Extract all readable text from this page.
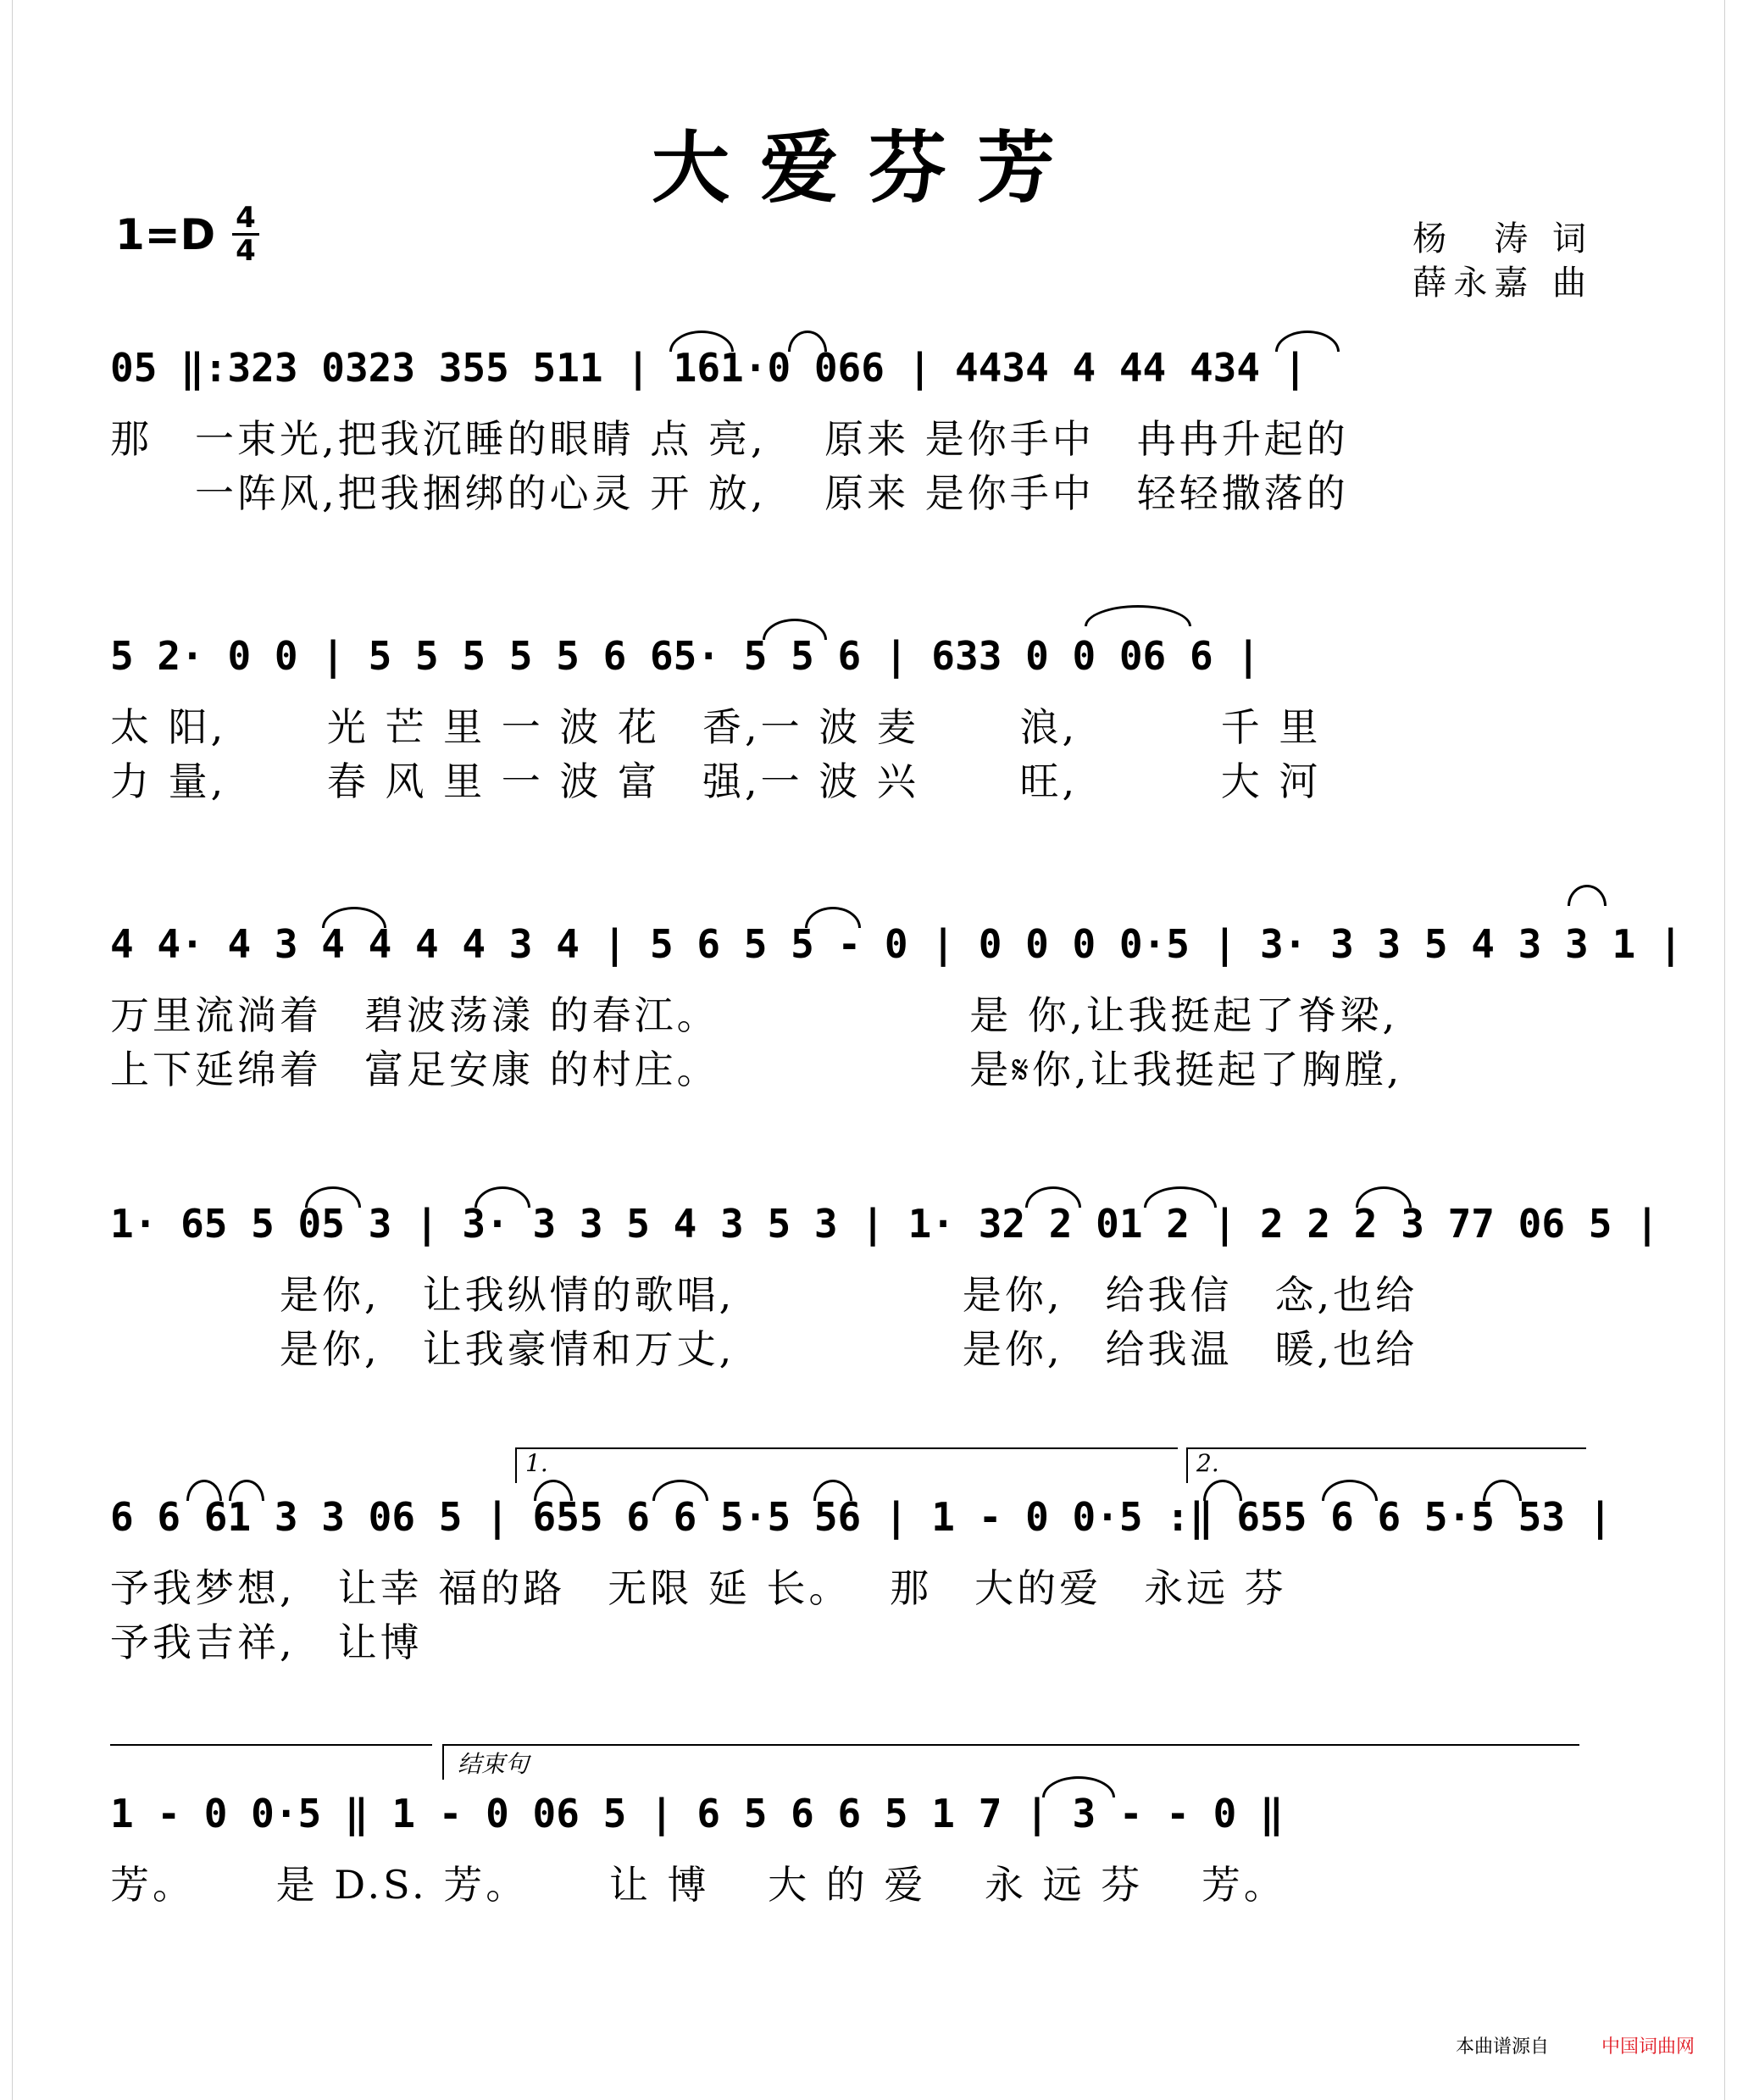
大爱芬芳
1=D 4
4	杨　涛 词
薛永嘉 曲
05 ‖:323 0323 355 511 | 161·0 066 | 4434 4 44 434 |
那　一束光,把我沉睡的眼睛 点 亮,　 原来 是你手中　冉冉升起的
　　一阵风,把我捆绑的心灵 开 放,　 原来 是你手中　轻轻撒落的
5 2· 0 0 | 5 5 5 5 5 6 65· 5 5 6 | 633 0 0 06 6 |
太 阳,　　 光 芒 里 一 波 花　香,一 波 麦　　 浪,　　　 千 里
力 量,　　 春 风 里 一 波 富　强,一 波 兴　　 旺,　　　 大 河
4 4· 4 3 4 4 4 4 3 4 | 5 6 5 5 - 0 | 0 0 0 0·5 | 3· 3 3 5 4 3 3 1 |
万里流淌着　碧波荡漾 的春江。　　　　　　 是 你,让我挺起了脊梁,
上下延绵着　富足安康 的村庄。　　　　　　 是𝄋你,让我挺起了胸膛,
1· 65 5 05 3 | 3· 3 3 5 4 3 5 3 | 1· 32 2 01 2 | 2 2 2 3 77 06 5 |
　　　　是你,　让我纵情的歌唱,　　　　　 是你,　给我信　念,也给
　　　　是你,　让我豪情和万丈,　　　　　 是你,　给我温　暖,也给
1.	2.
6 6 61 3 3 06 5 | 655 6 6 5·5 56 | 1 - 0 0·5 :‖ 655 6 6 5·5 53 |
予我梦想,　让幸 福的路　无限 延 长。　 那　大的爱　永远 芬
予我吉祥,　让博
结束句
1 - 0 0·5 ‖ 1 - 0 06 5 | 6 5 6 6 5 1 7 | 3 - - 0 ‖
芳。　　 是 D.S. 芳。　　 让 博　 大 的 爱　 永 远 芬　 芳。
本曲谱源自	中国词曲网
